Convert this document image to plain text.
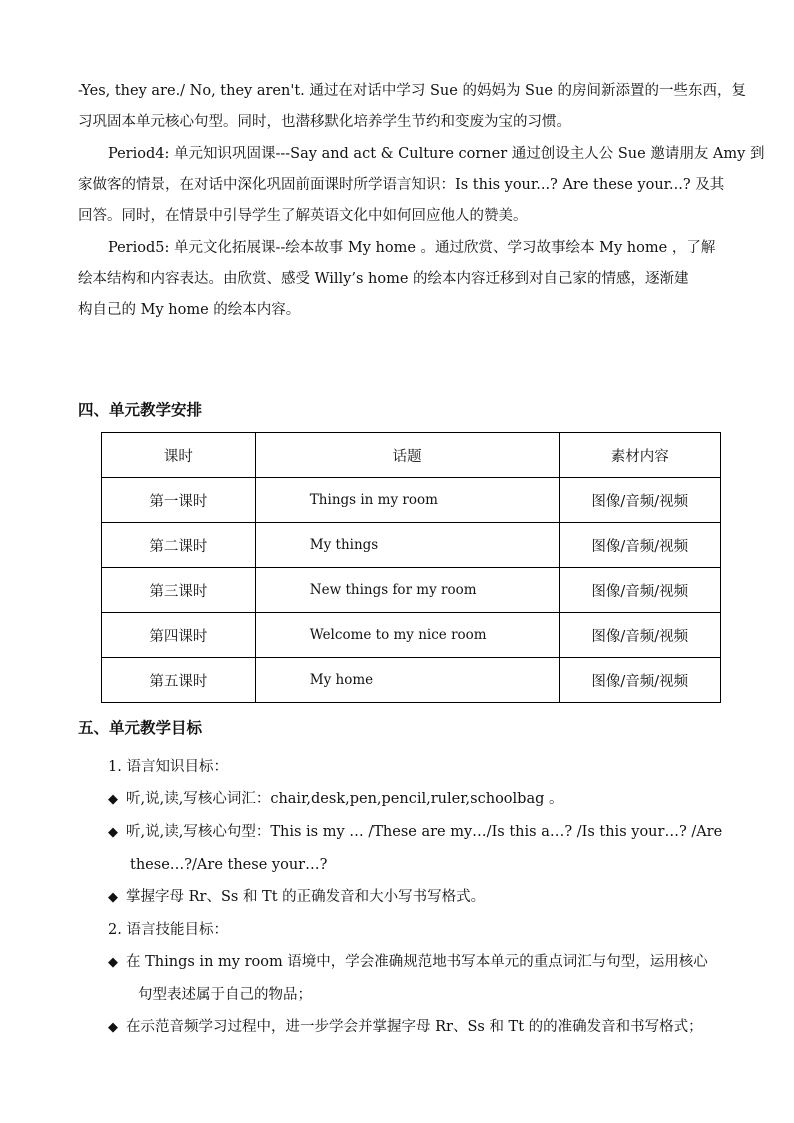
-Yes, they are./ No, they aren't. 通过在对话中学习 Sue 的妈妈为 Sue 的房间新添置的一些东西，复
习巩固本单元核心句型。同时，也潜移默化培养学生节约和变废为宝的习惯。

Period4: 单元知识巩固课---Say and act & Culture corner 通过创设主人公 Sue 邀请朋友 Amy 到
家做客的情景，在对话中深化巩固前面课时所学语言知识：Is this your...? Are these your...? 及其
回答。同时，在情景中引导学生了解英语文化中如何回应他人的赞美。

Period5: 单元文化拓展课--绘本故事 My home 。通过欣赏、学习故事绘本 My home ，了解
绘本结构和内容表达。由欣赏、感受 Willy’s home 的绘本内容迁移到对自己家的情感，逐渐建
构自己的 My home 的绘本内容。

四、单元教学安排
课时	话题	素材内容
第一课时	Things in my room	图像/音频/视频
第二课时	My things	图像/音频/视频
第三课时	New things for my room	图像/音频/视频
第四课时	Welcome to my nice room	图像/音频/视频
第五课时	My home	图像/音频/视频
五、单元教学目标
1. 语言知识目标：
◆ 听,说,读,写核心词汇：chair,desk,pen,pencil,ruler,schoolbag 。
◆ 听,说,读,写核心句型：This is my … /These are my…/Is this a…? /Is this your…? /Are
these…?/Are these your…?
◆ 掌握字母 Rr、Ss 和 Tt 的正确发音和大小写书写格式。
2. 语言技能目标：
◆ 在 Things in my room 语境中，学会准确规范地书写本单元的重点词汇与句型，运用核心
句型表述属于自己的物品；
◆ 在示范音频学习过程中，进一步学会并掌握字母 Rr、Ss 和 Tt 的的准确发音和书写格式；
